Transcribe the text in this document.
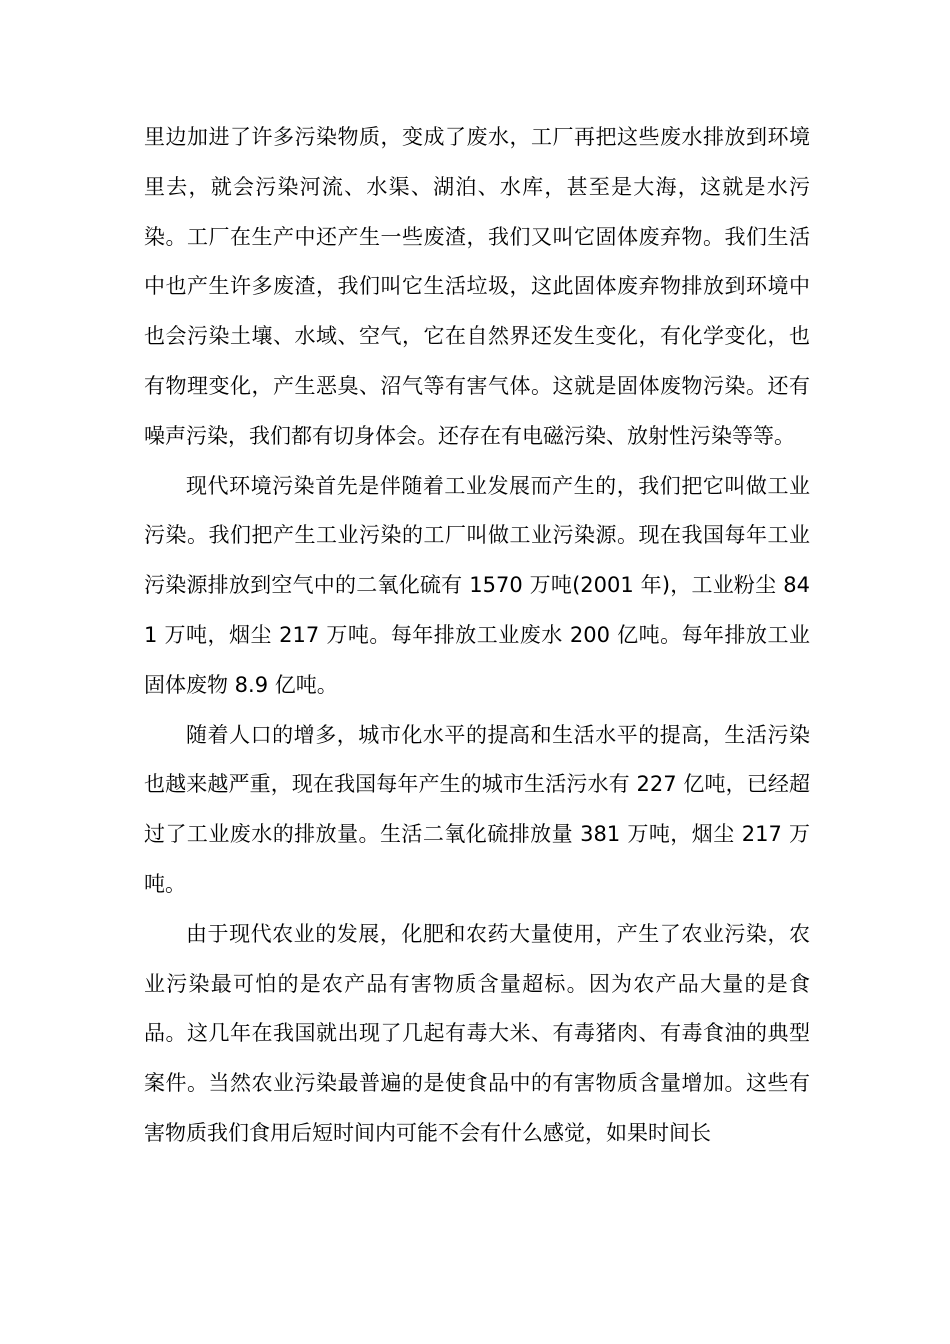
里边加进了许多污染物质，变成了废水，工厂再把这些废水排放到环境里去，就会污染河流、水渠、湖泊、水库，甚至是大海，这就是水污染。工厂在生产中还产生一些废渣，我们又叫它固体废弃物。我们生活中也产生许多废渣，我们叫它生活垃圾，这此固体废弃物排放到环境中也会污染土壤、水域、空气，它在自然界还发生变化，有化学变化，也有物理变化，产生恶臭、沼气等有害气体。这就是固体废物污染。还有噪声污染，我们都有切身体会。还存在有电磁污染、放射性污染等等。

现代环境污染首先是伴随着工业发展而产生的，我们把它叫做工业污染。我们把产生工业污染的工厂叫做工业污染源。现在我国每年工业污染源排放到空气中的二氧化硫有 1570 万吨(2001 年)，工业粉尘 841 万吨，烟尘 217 万吨。每年排放工业废水 200 亿吨。每年排放工业固体废物 8.9 亿吨。

随着人口的增多，城市化水平的提高和生活水平的提高，生活污染也越来越严重，现在我国每年产生的城市生活污水有 227 亿吨，已经超过了工业废水的排放量。生活二氧化硫排放量 381 万吨，烟尘 217 万吨。

由于现代农业的发展，化肥和农药大量使用，产生了农业污染，农业污染最可怕的是农产品有害物质含量超标。因为农产品大量的是食品。这几年在我国就出现了几起有毒大米、有毒猪肉、有毒食油的典型案件。当然农业污染最普遍的是使食品中的有害物质含量增加。这些有害物质我们食用后短时间内可能不会有什么感觉，如果时间长
